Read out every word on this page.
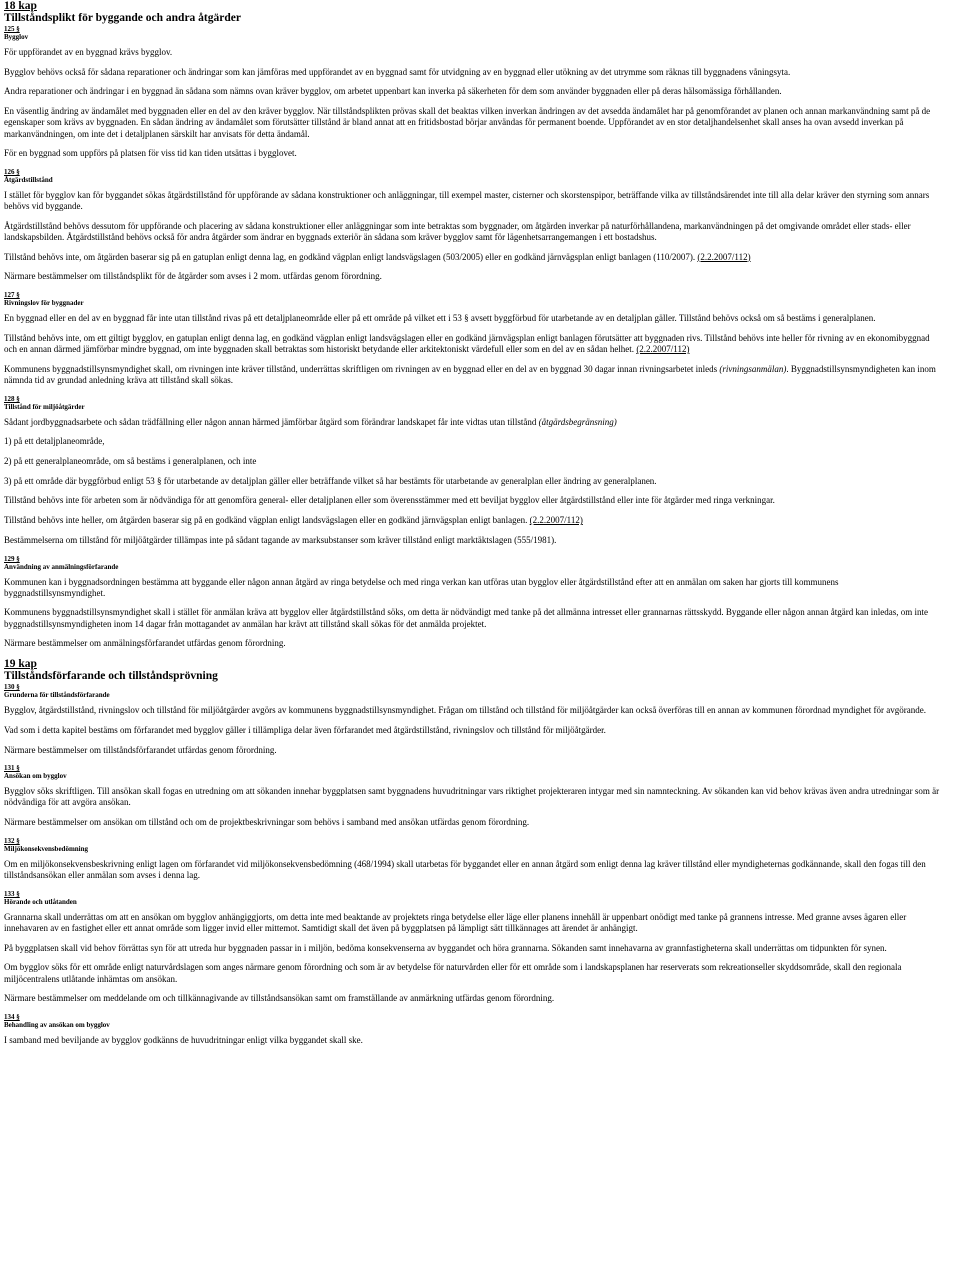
18 kap
Tillståndsplikt för byggande och andra åtgärder
125 §
Bygglov

För uppförandet av en byggnad krävs bygglov.

Bygglov behövs också för sådana reparationer och ändringar som kan jämföras med uppförandet av en byggnad samt för utvidgning av en byggnad eller utökning av det utrymme som räknas till byggnadens våningsyta.

Andra reparationer och ändringar i en byggnad än sådana som nämns ovan kräver bygglov, om arbetet uppenbart kan inverka på säkerheten för dem som använder byggnaden eller på deras hälsomässiga förhållanden.

En väsentlig ändring av ändamålet med byggnaden eller en del av den kräver bygglov. När tillståndsplikten prövas skall det beaktas vilken inverkan ändringen av det avsedda ändamålet har på genomförandet av planen och annan markanvändning samt på de egenskaper som krävs av byggnaden. En sådan ändring av ändamålet som förutsätter tillstånd är bland annat att en fritidsbostad börjar användas för permanent boende. Uppförandet av en stor detaljhandelsenhet skall anses ha ovan avsedd inverkan på markanvändningen, om inte det i detaljplanen särskilt har anvisats för detta ändamål.

För en byggnad som uppförs på platsen för viss tid kan tiden utsättas i bygglovet.

126 §
Åtgärdstillstånd

I stället för bygglov kan för byggandet sökas åtgärdstillstånd för uppförande av sådana konstruktioner och anläggningar, till exempel master, cisterner och skorstenspipor, beträffande vilka av tillståndsärendet inte till alla delar kräver den styrning som annars behövs vid byggande.

Åtgärdstillstånd behövs dessutom för uppförande och placering av sådana konstruktioner eller anläggningar som inte betraktas som byggnader, om åtgärden inverkar på naturförhållandena, markanvändningen på det omgivande området eller stads- eller landskapsbilden. Åtgärdstillstånd behövs också för andra åtgärder som ändrar en byggnads exteriör än sådana som kräver bygglov samt för lägenhetsarrangemangen i ett bostadshus.

Tillstånd behövs inte, om åtgärden baserar sig på en gatuplan enligt denna lag, en godkänd vägplan enligt landsvägslagen (503/2005) eller en godkänd järnvägsplan enligt banlagen (110/2007). (2.2.2007/112)

Närmare bestämmelser om tillståndsplikt för de åtgärder som avses i 2 mom. utfärdas genom förordning.

127 §
Rivningslov för byggnader

En byggnad eller en del av en byggnad får inte utan tillstånd rivas på ett detaljplaneområde eller på ett område på vilket ett i 53 § avsett byggförbud för utarbetande av en detaljplan gäller. Tillstånd behövs också om så bestäms i generalplanen.

Tillstånd behövs inte, om ett giltigt bygglov, en gatuplan enligt denna lag, en godkänd vägplan enligt landsvägslagen eller en godkänd järnvägsplan enligt banlagen förutsätter att byggnaden rivs. Tillstånd behövs inte heller för rivning av en ekonomibyggnad och en annan därmed jämförbar mindre byggnad, om inte byggnaden skall betraktas som historiskt betydande eller arkitektoniskt värdefull eller som en del av en sådan helhet. (2.2.2007/112)

Kommunens byggnadstillsynsmyndighet skall, om rivningen inte kräver tillstånd, underrättas skriftligen om rivningen av en byggnad eller en del av en byggnad 30 dagar innan rivningsarbetet inleds (rivningsanmälan). Byggnadstillsynsmyndigheten kan inom nämnda tid av grundad anledning kräva att tillstånd skall sökas.

128 §
Tillstånd för miljöåtgärder

Sådant jordbyggnadsarbete och sådan trädfällning eller någon annan härmed jämförbar åtgärd som förändrar landskapet får inte vidtas utan tillstånd (åtgärdsbegränsning)

1) på ett detaljplaneområde,

2) på ett generalplaneområde, om så bestäms i generalplanen, och inte

3) på ett område där byggförbud enligt 53 § för utarbetande av detaljplan gäller eller beträffande vilket så har bestämts för utarbetande av generalplan eller ändring av generalplanen.

Tillstånd behövs inte för arbeten som är nödvändiga för att genomföra general- eller detaljplanen eller som överensstämmer med ett beviljat bygglov eller åtgärdstillstånd eller inte för åtgärder med ringa verkningar.

Tillstånd behövs inte heller, om åtgärden baserar sig på en godkänd vägplan enligt landsvägslagen eller en godkänd järnvägsplan enligt banlagen. (2.2.2007/112)

Bestämmelserna om tillstånd för miljöåtgärder tillämpas inte på sådant tagande av marksubstanser som kräver tillstånd enligt marktäktslagen (555/1981).

129 §
Användning av anmälningsförfarande

Kommunen kan i byggnadsordningen bestämma att byggande eller någon annan åtgärd av ringa betydelse och med ringa verkan kan utföras utan bygglov eller åtgärdstillstånd efter att en anmälan om saken har gjorts till kommunens byggnadstillsynsmyndighet.

Kommunens byggnadstillsynsmyndighet skall i stället för anmälan kräva att bygglov eller åtgärdstillstånd söks, om detta är nödvändigt med tanke på det allmänna intresset eller grannarnas rättsskydd. Byggande eller någon annan åtgärd kan inledas, om inte byggnadstillsynsmyndigheten inom 14 dagar från mottagandet av anmälan har krävt att tillstånd skall sökas för det anmälda projektet.

Närmare bestämmelser om anmälningsförfarandet utfärdas genom förordning.

19 kap
Tillståndsförfarande och tillståndsprövning
130 §
Grunderna för tillståndsförfarande

Bygglov, åtgärdstillstånd, rivningslov och tillstånd för miljöåtgärder avgörs av kommunens byggnadstillsynsmyndighet. Frågan om tillstånd och tillstånd för miljöåtgärder kan också överföras till en annan av kommunen förordnad myndighet för avgörande.

Vad som i detta kapitel bestäms om förfarandet med bygglov gäller i tillämpliga delar även förfarandet med åtgärdstillstånd, rivningslov och tillstånd för miljöåtgärder.

Närmare bestämmelser om tillståndsförfarandet utfärdas genom förordning.

131 §
Ansökan om bygglov

Bygglov söks skriftligen. Till ansökan skall fogas en utredning om att sökanden innehar byggplatsen samt byggnadens huvudritningar vars riktighet projekteraren intygar med sin namnteckning. Av sökanden kan vid behov krävas även andra utredningar som är nödvändiga för att avgöra ansökan.

Närmare bestämmelser om ansökan om tillstånd och om de projektbeskrivningar som behövs i samband med ansökan utfärdas genom förordning.

132 §
Miljökonsekvensbedömning

Om en miljökonsekvensbeskrivning enligt lagen om förfarandet vid miljökonsekvensbedömning (468/1994) skall utarbetas för byggandet eller en annan åtgärd som enligt denna lag kräver tillstånd eller myndigheternas godkännande, skall den fogas till den tillståndsansökan eller anmälan som avses i denna lag.

133 §
Hörande och utlåtanden

Grannarna skall underrättas om att en ansökan om bygglov anhängiggjorts, om detta inte med beaktande av projektets ringa betydelse eller läge eller planens innehåll är uppenbart onödigt med tanke på grannens intresse. Med granne avses ägaren eller innehavaren av en fastighet eller ett annat område som ligger invid eller mittemot. Samtidigt skall det även på byggplatsen på lämpligt sätt tillkännages att ärendet är anhängigt.

På byggplatsen skall vid behov förrättas syn för att utreda hur byggnaden passar in i miljön, bedöma konsekvenserna av byggandet och höra grannarna. Sökanden samt innehavarna av grannfastigheterna skall underrättas om tidpunkten för synen.

Om bygglov söks för ett område enligt naturvårdslagen som anges närmare genom förordning och som är av betydelse för naturvården eller för ett område som i landskapsplanen har reserverats som rekreationseller skyddsområde, skall den regionala miljöcentralens utlåtande inhämtas om ansökan.

Närmare bestämmelser om meddelande om och tillkännagivande av tillståndsansökan samt om framställande av anmärkning utfärdas genom förordning.

134 §
Behandling av ansökan om bygglov

I samband med beviljande av bygglov godkänns de huvudritningar enligt vilka byggandet skall ske.
